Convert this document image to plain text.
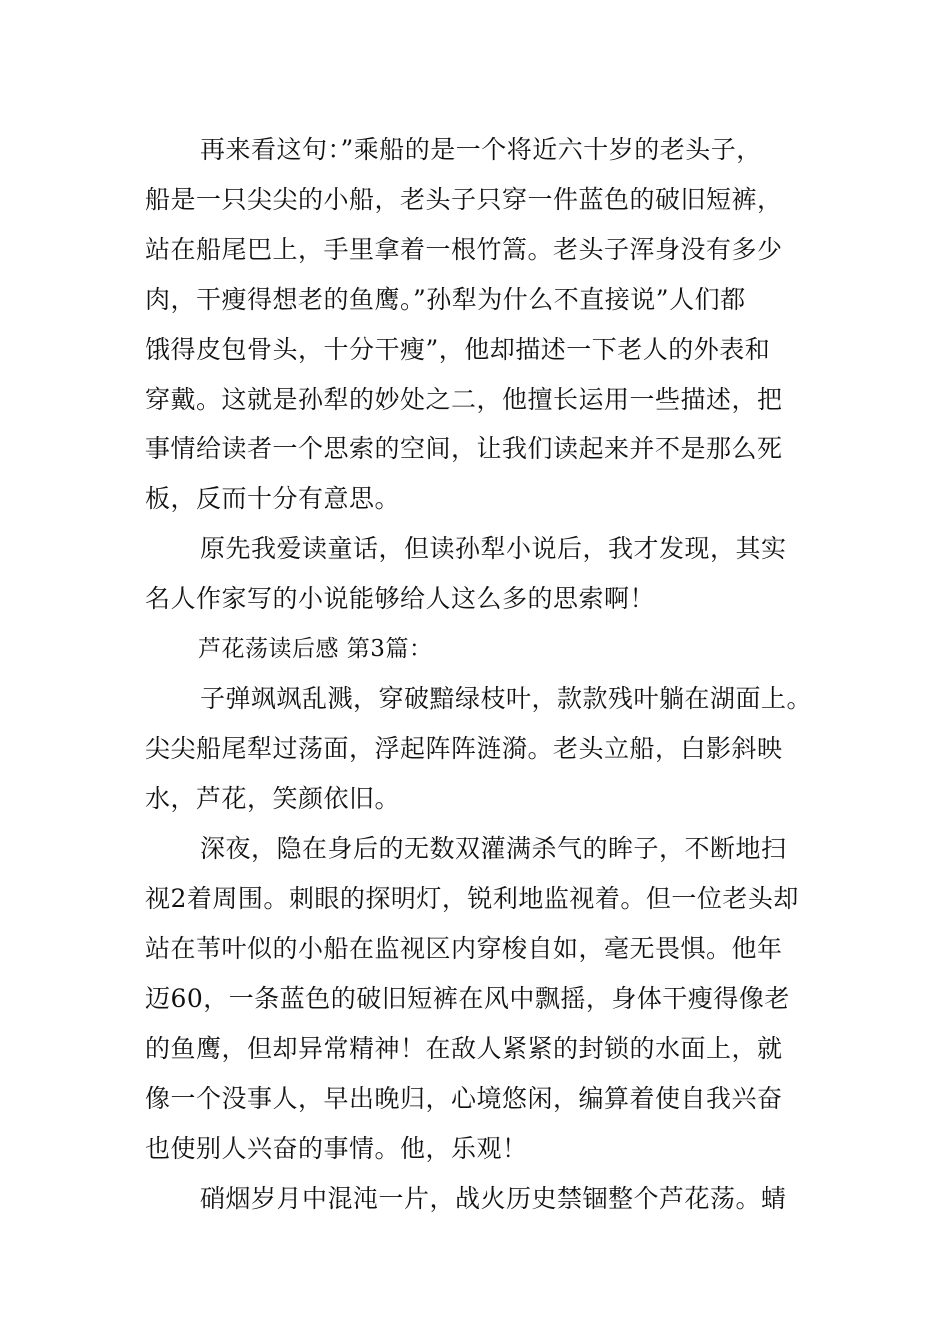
再来看这句：”乘船的是一个将近六十岁的老头子，
船是一只尖尖的小船，老头子只穿一件蓝色的破旧短裤，
站在船尾巴上，手里拿着一根竹篙。老头子浑身没有多少
肉，干瘦得想老的鱼鹰。”孙犁为什么不直接说”人们都
饿得皮包骨头，十分干瘦”，他却描述一下老人的外表和
穿戴。这就是孙犁的妙处之二，他擅长运用一些描述，把
事情给读者一个思索的空间，让我们读起来并不是那么死
板，反而十分有意思。
原先我爱读童话，但读孙犁小说后，我才发现，其实
名人作家写的小说能够给人这么多的思索啊！
芦花荡读后感 第3篇：
子弹飒飒乱溅，穿破黯绿枝叶，款款残叶躺在湖面上。
尖尖船尾犁过荡面，浮起阵阵涟漪。老头立船，白影斜映
水，芦花，笑颜依旧。
深夜，隐在身后的无数双灌满杀气的眸子，不断地扫
视2着周围。刺眼的探明灯，锐利地监视着。但一位老头却
站在苇叶似的小船在监视区内穿梭自如，毫无畏惧。他年
迈60，一条蓝色的破旧短裤在风中飘摇，身体干瘦得像老
的鱼鹰，但却异常精神！在敌人紧紧的封锁的水面上，就
像一个没事人，早出晚归，心境悠闲，编算着使自我兴奋
也使别人兴奋的事情。他，乐观！
硝烟岁月中混沌一片，战火历史禁锢整个芦花荡。蜻
